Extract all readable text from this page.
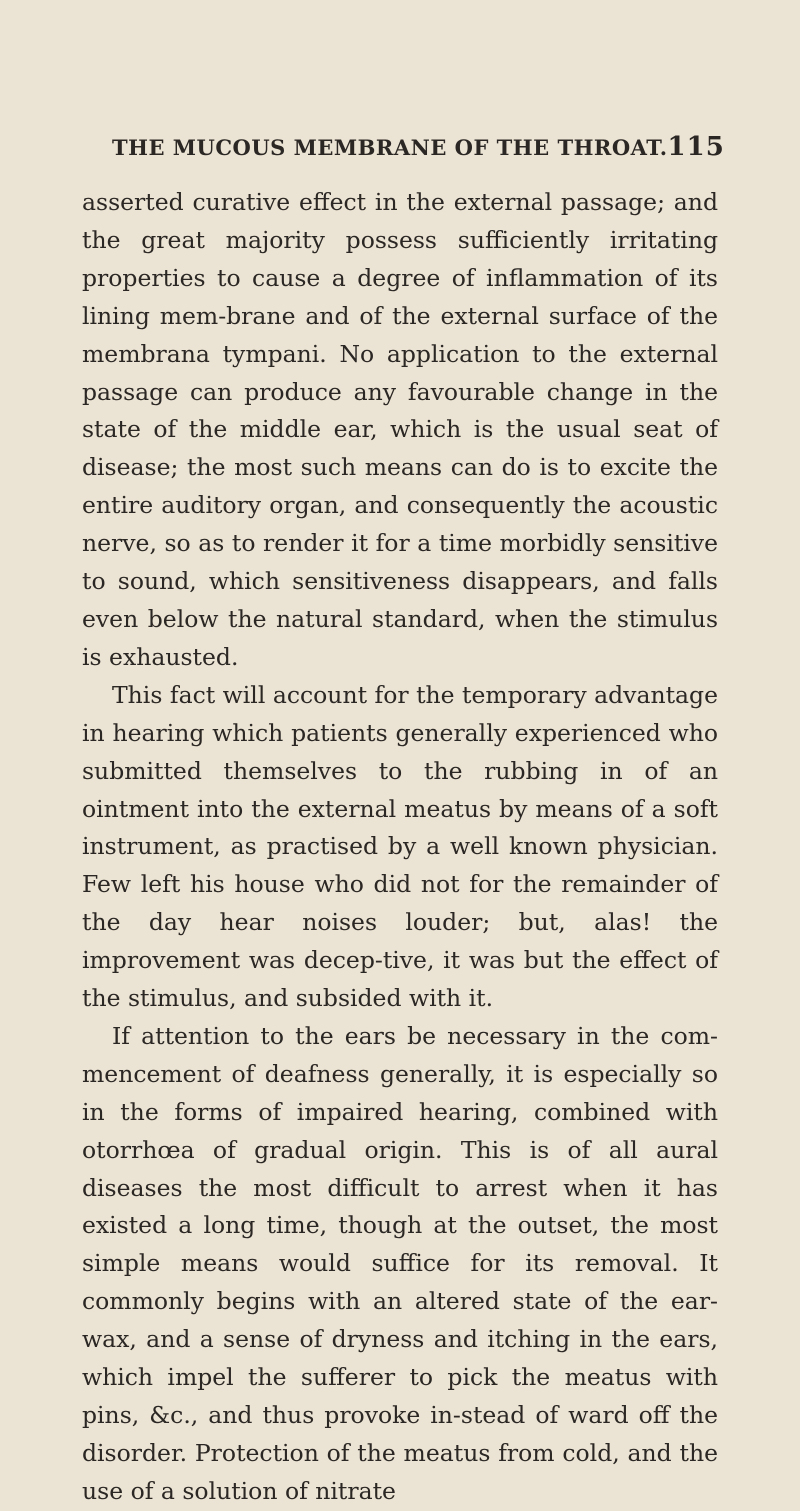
THE MUCOUS MEMBRANE OF THE THROAT. 115

asserted curative effect in the external passage; and the great majority possess sufficiently irritating properties to cause a degree of inflammation of its lining mem-brane and of the external surface of the membrana tympani. No application to the external passage can produce any favourable change in the state of the middle ear, which is the usual seat of disease; the most such means can do is to excite the entire auditory organ, and consequently the acoustic nerve, so as to render it for a time morbidly sensitive to sound, which sensitiveness disappears, and falls even below the natural standard, when the stimulus is exhausted.

This fact will account for the temporary advantage in hearing which patients generally experienced who submitted themselves to the rubbing in of an ointment into the external meatus by means of a soft instrument, as practised by a well known physician. Few left his house who did not for the remainder of the day hear noises louder; but, alas! the improvement was decep-tive, it was but the effect of the stimulus, and subsided with it.

If attention to the ears be necessary in the com-mencement of deafness generally, it is especially so in the forms of impaired hearing, combined with otorrhœa of gradual origin. This is of all aural diseases the most difficult to arrest when it has existed a long time, though at the outset, the most simple means would suffice for its removal. It commonly begins with an altered state of the ear-wax, and a sense of dryness and itching in the ears, which impel the sufferer to pick the meatus with pins, &c., and thus provoke in-stead of ward off the disorder. Protection of the meatus from cold, and the use of a solution of nitrate
